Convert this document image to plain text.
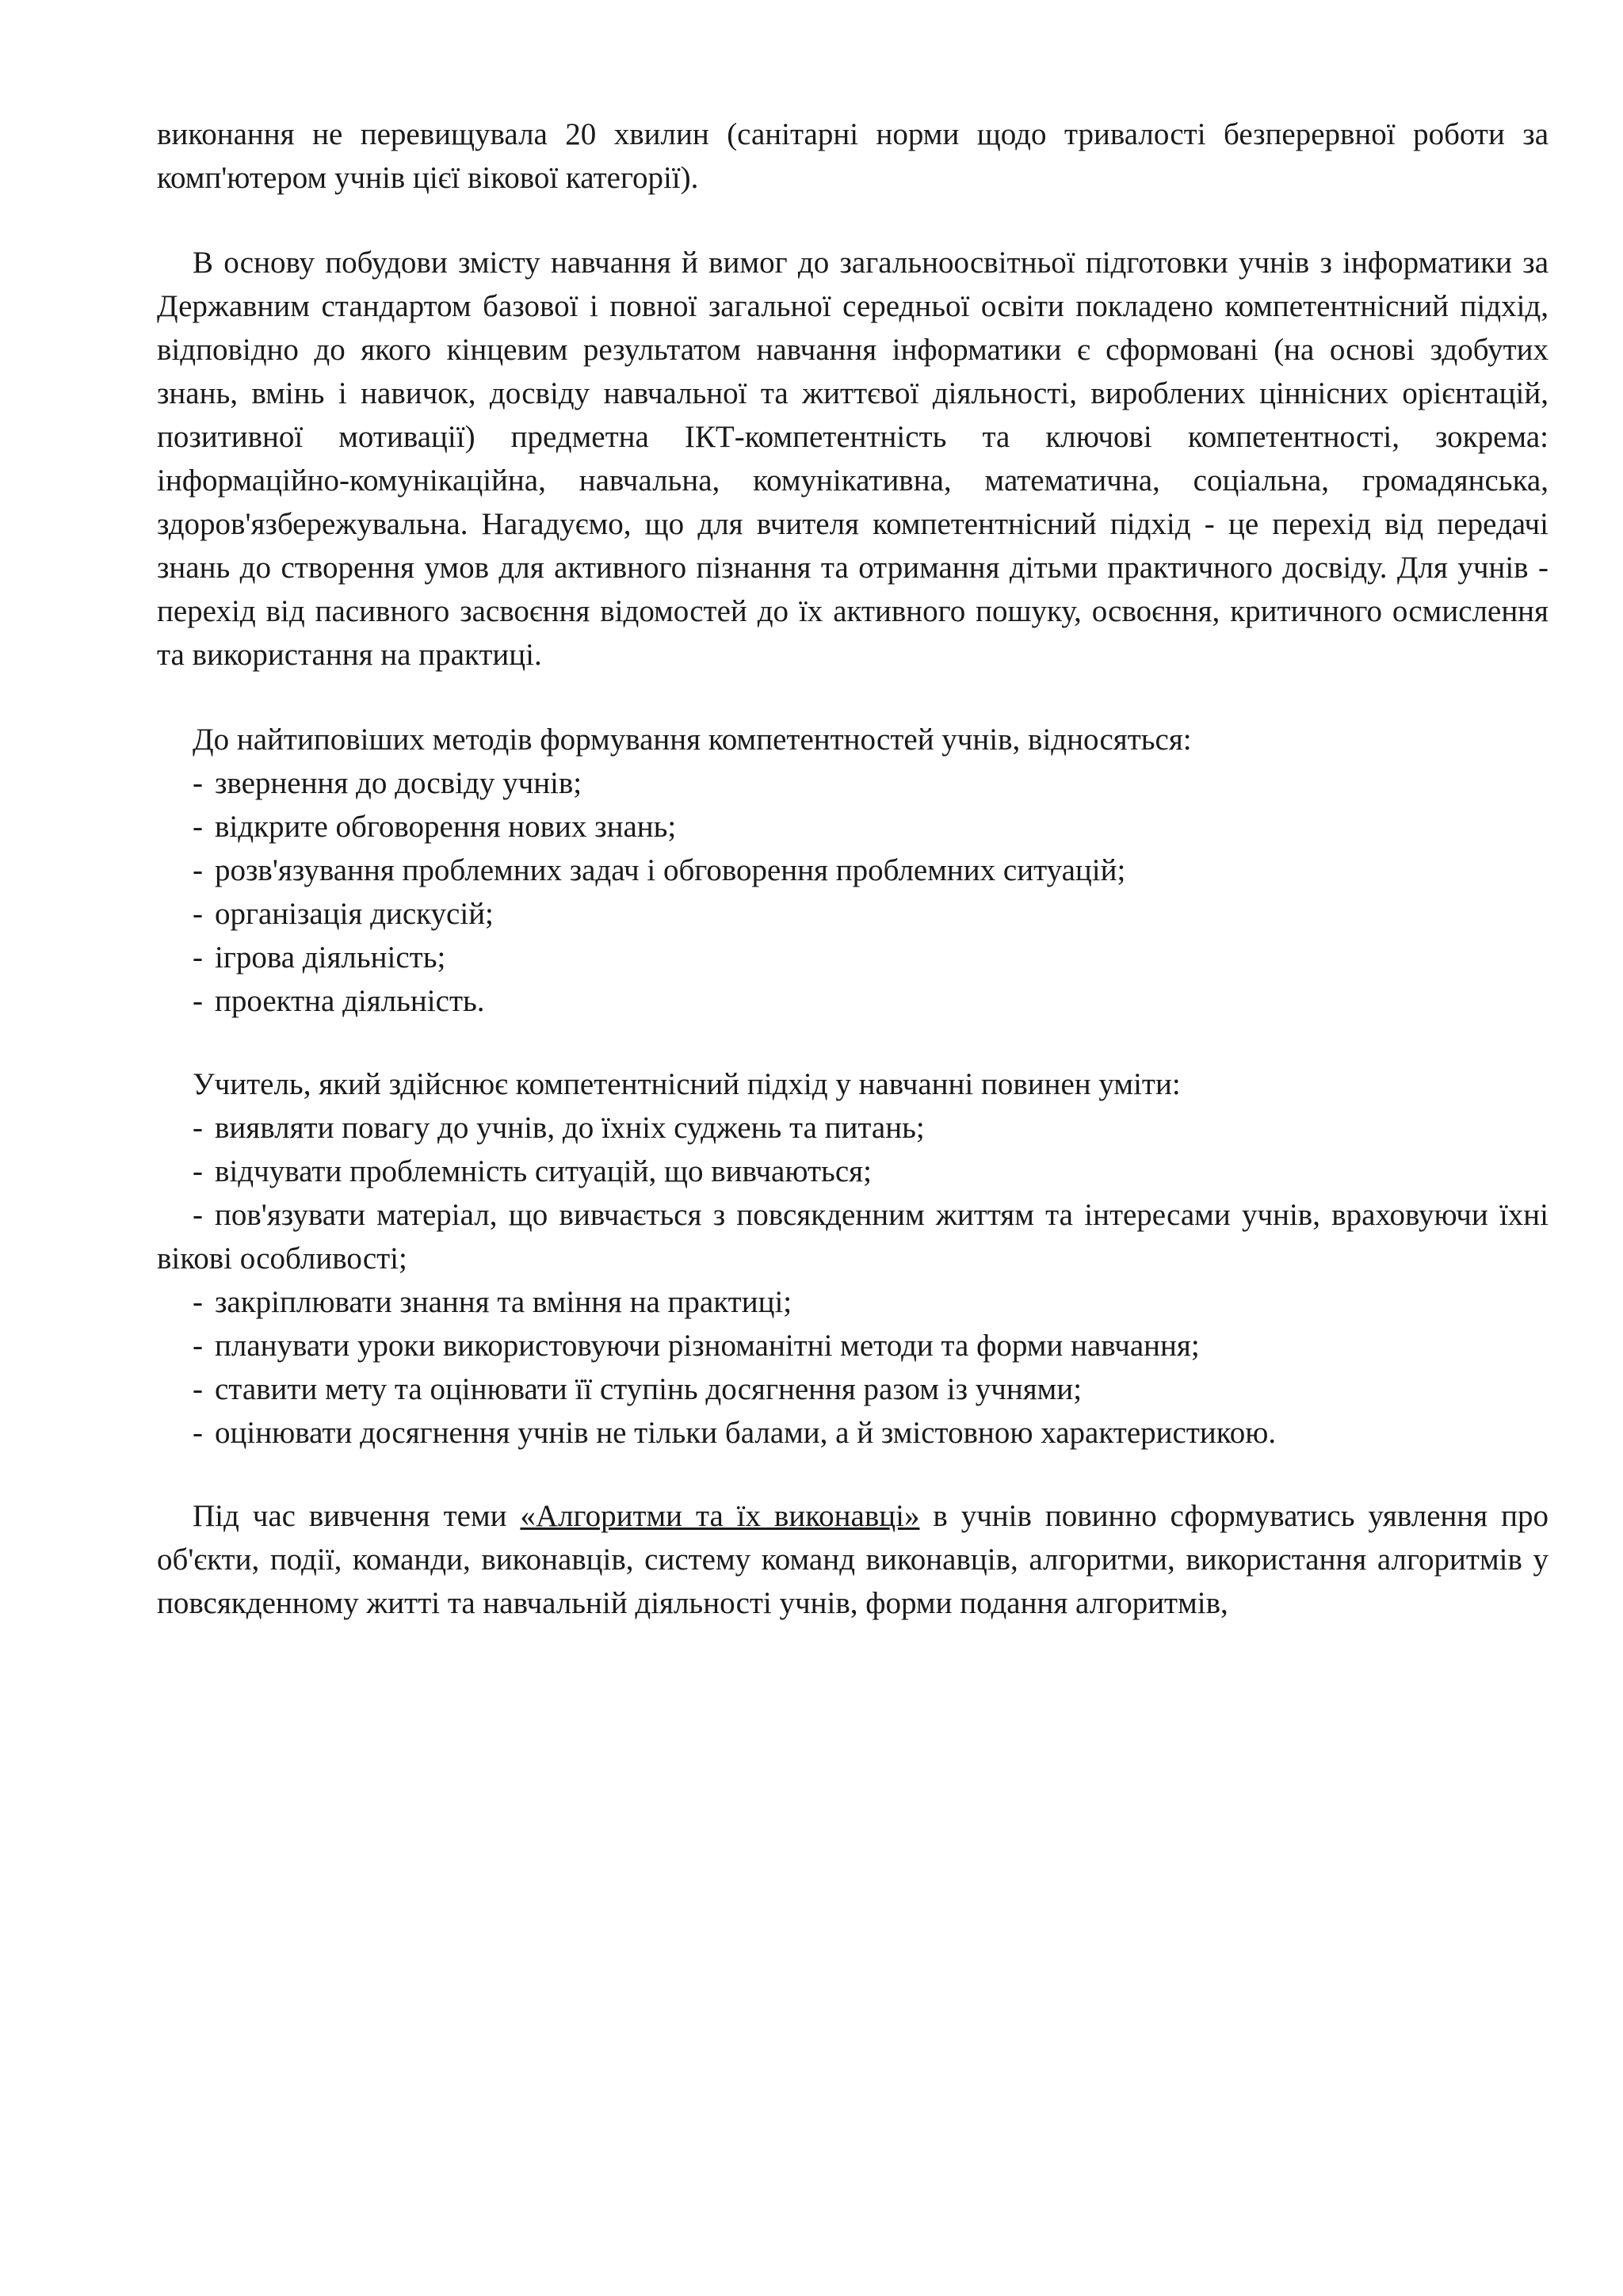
виконання не перевищувала 20 хвилин (санітарні норми щодо тривалості безперервної роботи за комп'ютером учнів цієї вікової категорії).

В основу побудови змісту навчання й вимог до загальноосвітньої підготовки учнів з інформатики за Державним стандартом базової і повної загальної середньої освіти покладено компетентнісний підхід, відповідно до якого кінцевим результатом навчання інформатики є сформовані (на основі здобутих знань, вмінь і навичок, досвіду навчальної та життєвої діяльності, вироблених ціннісних орієнтацій, позитивної мотивації) предметна ІКТ-компетентність та ключові компетентності, зокрема: інформаційно-комунікаційна, навчальна, комунікативна, математична, соціальна, громадянська, здоров'язбережувальна. Нагадуємо, що для вчителя компетентнісний підхід - це перехід від передачі знань до створення умов для активного пізнання та отримання дітьми практичного досвіду. Для учнів - перехід від пасивного засвоєння відомостей до їх активного пошуку, освоєння, критичного осмислення та використання на практиці.

До найтиповіших методів формування компетентностей учнів, відносяться:

- звернення до досвіду учнів;

- відкрите обговорення нових знань;

- розв'язування проблемних задач і обговорення проблемних ситуацій;

- організація дискусій;

- ігрова діяльність;

- проектна діяльність.

Учитель, який здійснює компетентнісний підхід у навчанні повинен уміти:

- виявляти повагу до учнів, до їхніх суджень та питань;

- відчувати проблемність ситуацій, що вивчаються;

- пов'язувати матеріал, що вивчається з повсякденним життям та інтересами учнів, враховуючи їхні вікові особливості;

- закріплювати знання та вміння на практиці;

- планувати уроки використовуючи різноманітні методи та форми навчання;

- ставити мету та оцінювати її ступінь досягнення разом із учнями;

- оцінювати досягнення учнів не тільки балами, а й змістовною характеристикою.

Під час вивчення теми «Алгоритми та їх виконавці» в учнів повинно сформуватись уявлення про об'єкти, події, команди, виконавців, систему команд виконавців, алгоритми, використання алгоритмів у повсякденному житті та навчальній діяльності учнів, форми подання алгоритмів,
